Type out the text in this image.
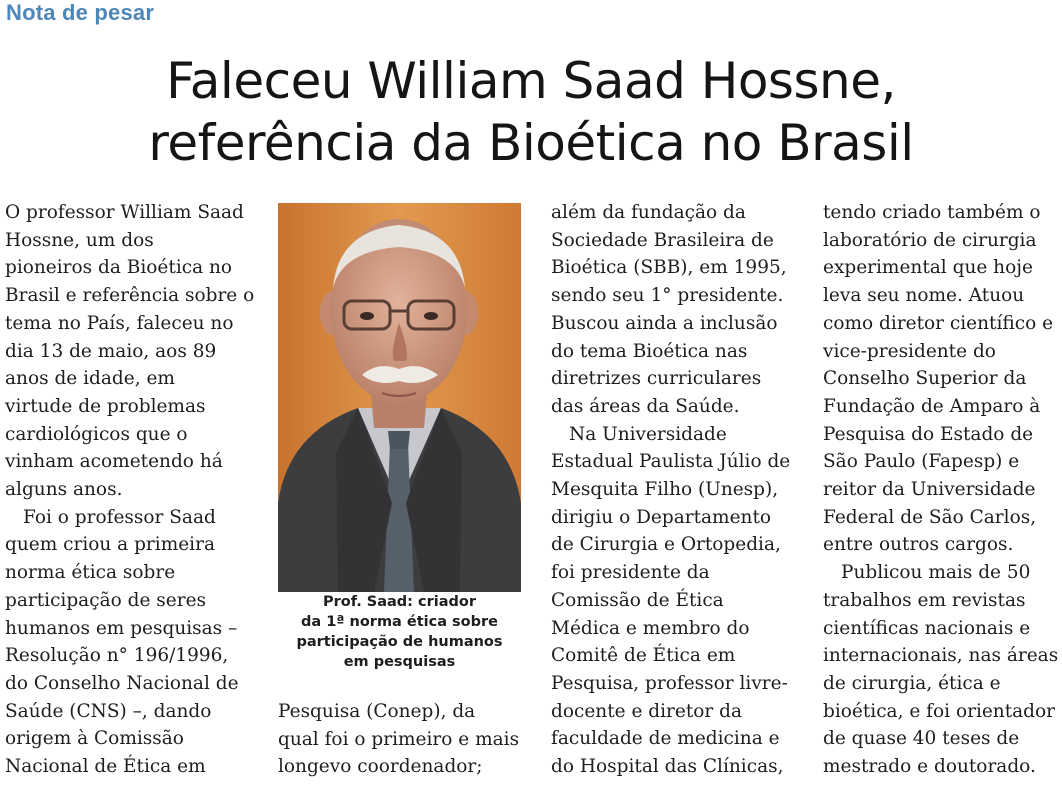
Nota de pesar
Faleceu William Saad Hossne,
referência da Bioética no Brasil

O professor William Saad

Hossne, um dos

pioneiros da Bioética no

Brasil e referência sobre o

tema no País, faleceu no

dia 13 de maio, aos 89

anos de idade, em

virtude de problemas

cardiológicos que o

vinham acometendo há

alguns anos.

Foi o professor Saad

quem criou a primeira

norma ética sobre

participação de seres

humanos em pesquisas –

Resolução n° 196/1996,

do Conselho Nacional de

Saúde (CNS) –, dando

origem à Comissão

Nacional de Ética em

Prof. Saad: criador
da 1ª norma ética sobre
participação de humanos
em pesquisas

Pesquisa (Conep), da

qual foi o primeiro e mais

longevo coordenador;

além da fundação da

Sociedade Brasileira de

Bioética (SBB), em 1995,

sendo seu 1° presidente.

Buscou ainda a inclusão

do tema Bioética nas

diretrizes curriculares

das áreas da Saúde.

Na Universidade

Estadual Paulista Júlio de

Mesquita Filho (Unesp),

dirigiu o Departamento

de Cirurgia e Ortopedia,

foi presidente da

Comissão de Ética

Médica e membro do

Comitê de Ética em

Pesquisa, professor livre-

docente e diretor da

faculdade de medicina e

do Hospital das Clínicas,

tendo criado também o

laboratório de cirurgia

experimental que hoje

leva seu nome. Atuou

como diretor científico e

vice-presidente do

Conselho Superior da

Fundação de Amparo à

Pesquisa do Estado de

São Paulo (Fapesp) e

reitor da Universidade

Federal de São Carlos,

entre outros cargos.

Publicou mais de 50

trabalhos em revistas

científicas nacionais e

internacionais, nas áreas

de cirurgia, ética e

bioética, e foi orientador

de quase 40 teses de

mestrado e doutorado.
